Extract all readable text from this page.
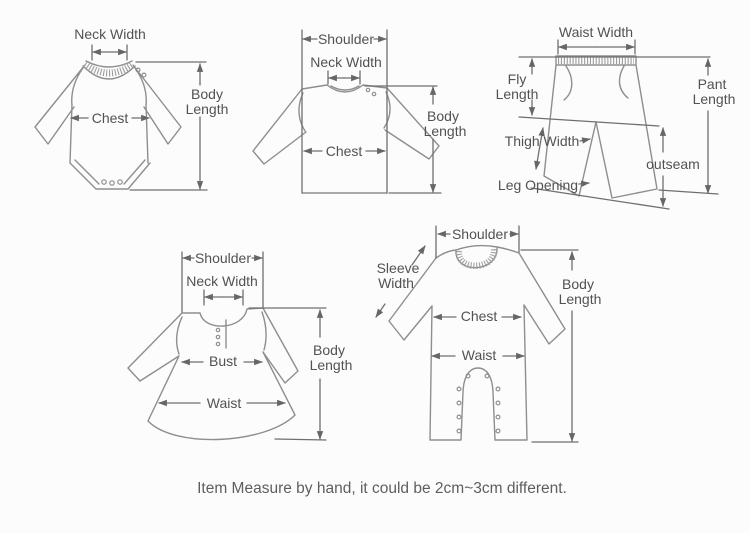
Neck Width
Chest
Body
Length
Shoulder
Neck Width
Chest
Body
Length
Waist Width
Fly
Length
Thigh Width
Leg Opening
outseam
Pant
Length
Shoulder
Neck Width
Bust
Waist
Body
Length
Shoulder
Sleeve
Width
Chest
Waist
Body
Length
Item Measure by hand, it could be 2cm~3cm different.
